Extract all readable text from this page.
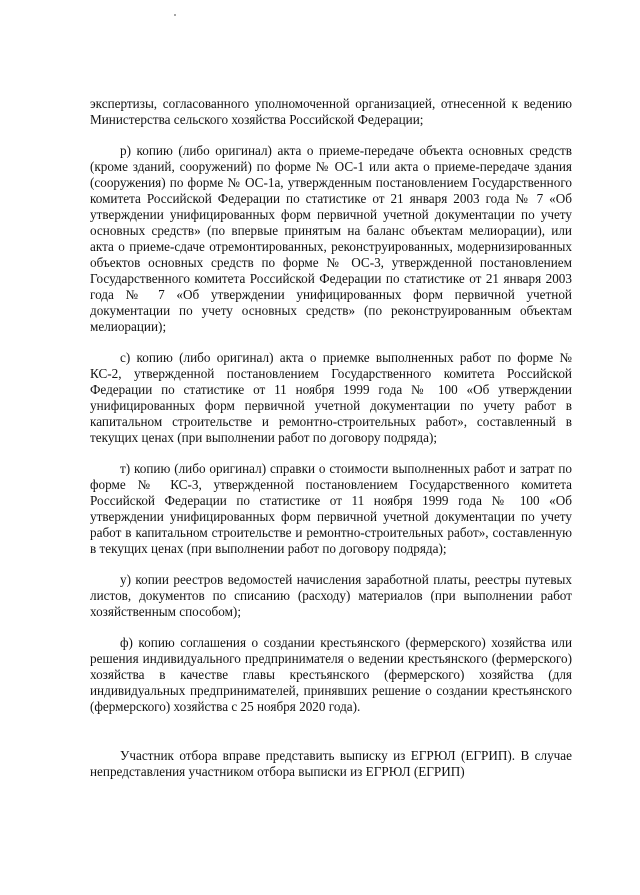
экспертизы, согласованного уполномоченной организацией, отнесенной к ведению Министерства сельского хозяйства Российской Федерации;

р) копию (либо оригинал) акта о приеме-передаче объекта основных средств (кроме зданий, сооружений) по форме № ОС-1 или акта о приеме-передаче здания (сооружения) по форме № ОС-1а, утвержденным постановлением Государственного комитета Российской Федерации по статистике от 21 января 2003 года № 7 «Об утверждении унифицированных форм первичной учетной документации по учету основных средств» (по впервые принятым на баланс объектам мелиорации), или акта о приеме-сдаче отремонтированных, реконструированных, модернизированных объектов основных средств по форме № ОС-3, утвержденной постановлением Государственного комитета Российской Федерации по статистике от 21 января 2003 года № 7 «Об утверждении унифицированных форм первичной учетной документации по учету основных средств» (по реконструированным объектам мелиорации);

с) копию (либо оригинал) акта о приемке выполненных работ по форме № КС-2, утвержденной постановлением Государственного комитета Российской Федерации по статистике от 11 ноября 1999 года № 100 «Об утверждении унифицированных форм первичной учетной документации по учету работ в капитальном строительстве и ремонтно-строительных работ», составленный в текущих ценах (при выполнении работ по договору подряда);

т) копию (либо оригинал) справки о стоимости выполненных работ и затрат по форме № КС-3, утвержденной постановлением Государственного комитета Российской Федерации по статистике от 11 ноября 1999 года № 100 «Об утверждении унифицированных форм первичной учетной документации по учету работ в капитальном строительстве и ремонтно-строительных работ», составленную в текущих ценах (при выполнении работ по договору подряда);

у) копии реестров ведомостей начисления заработной платы, реестры путевых листов, документов по списанию (расходу) материалов (при выполнении работ хозяйственным способом);

ф) копию соглашения о создании крестьянского (фермерского) хозяйства или решения индивидуального предпринимателя о ведении крестьянского (фермерского) хозяйства в качестве главы крестьянского (фермерского) хозяйства (для индивидуальных предпринимателей, принявших решение о создании крестьянского (фермерского) хозяйства с 25 ноября 2020 года).

Участник отбора вправе представить выписку из ЕГРЮЛ (ЕГРИП). В случае непредставления участником отбора выписки из ЕГРЮЛ (ЕГРИП)
